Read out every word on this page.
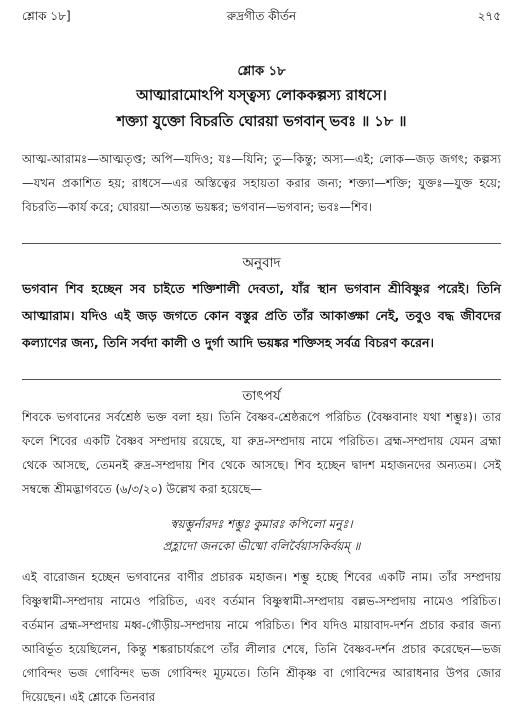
শ্লোক ১৮]	রুদ্রগীত কীর্তন	২৭৫
শ্লোক ১৮
আত্মারামোঽপি যস্ত্বস্য লোককল্পস্য রাধসে।
শক্ত্যা যুক্তো বিচরতি ঘোরয়া ভগবান্ ভবঃ ॥ ১৮ ॥

আত্ম-আরামঃ—আত্মতৃপ্ত; অপি—যদিও; যঃ—যিনি; তু—কিন্তু; অস্য—এই; লোক—জড় জগৎ; কল্পস্য—যখন প্রকাশিত হয়; রাধসে—এর অস্তিত্বের সহায়তা করার জন্য; শক্ত্যা—শক্তি; যুক্তঃ—যুক্ত হয়ে; বিচরতি—কার্য করে; ঘোরয়া—অত্যন্ত ভয়ঙ্কর; ভগবান—ভগবান; ভবঃ—শিব।

অনুবাদ

ভগবান শিব হচ্ছেন সব চাইতে শক্তিশালী দেবতা, যাঁর স্থান ভগবান শ্রীবিষ্ণুর পরেই। তিনি আত্মারাম। যদিও এই জড় জগতে কোন বস্তুর প্রতি তাঁর আকাঙ্ক্ষা নেই, তবুও বদ্ধ জীবদের কল্যাণের জন্য, তিনি সর্বদা কালী ও দুর্গা আদি ভয়ঙ্কর শক্তিসহ সর্বত্র বিচরণ করেন।

তাৎপর্য

শিবকে ভগবানের সর্বশ্রেষ্ঠ ভক্ত বলা হয়। তিনি বৈষ্ণব-শ্রেষ্ঠরূপে পরিচিত (বৈষ্ণবানাং যথা শম্ভুঃ)। তার ফলে শিবের একটি বৈষ্ণব সম্প্রদায় রয়েছে, যা রুদ্র-সম্প্রদায় নামে পরিচিত। ব্রহ্ম-সম্প্রদায় যেমন ব্রহ্মা থেকে আসছে, তেমনই রুদ্র-সম্প্রদায় শিব থেকে আসছে। শিব হচ্ছেন দ্বাদশ মহাজনদের অন্যতম। সেই সম্বন্ধে শ্রীমদ্ভাগবতে (৬/৩/২০) উল্লেখ করা হয়েছে—

স্বয়ম্ভুর্নারদঃ শম্ভুঃ কুমারঃ কপিলো মনুঃ।
প্রহ্লাদো জনকো ভীষ্মো বলির্বৈয়াসকির্বয়ম্ ॥

এই বারোজন হচ্ছেন ভগবানের বাণীর প্রচারক মহাজন। শম্ভু হচ্ছে শিবের একটি নাম। তাঁর সম্প্রদায় বিষ্ণুস্বামী-সম্প্রদায় নামেও পরিচিত, এবং বর্তমান বিষ্ণুস্বামী-সম্প্রদায় বল্লভ-সম্প্রদায় নামেও পরিচিত। বর্তমান ব্রহ্ম-সম্প্রদায় মধ্ব-গৌড়ীয়-সম্প্রদায় নামে পরিচিত। শিব যদিও মায়াবাদ-দর্শন প্রচার করার জন্য আবির্ভূত হয়েছিলেন, কিন্তু শঙ্করাচার্যরূপে তাঁর লীলার শেষে, তিনি বৈষ্ণব-দর্শন প্রচার করেছেন—ভজ গোবিন্দং ভজ গোবিন্দং ভজ গোবিন্দং মূঢ়মতে। তিনি শ্রীকৃষ্ণ বা গোবিন্দের আরাধনার উপর জোর দিয়েছেন। এই শ্লোকে তিনবার
